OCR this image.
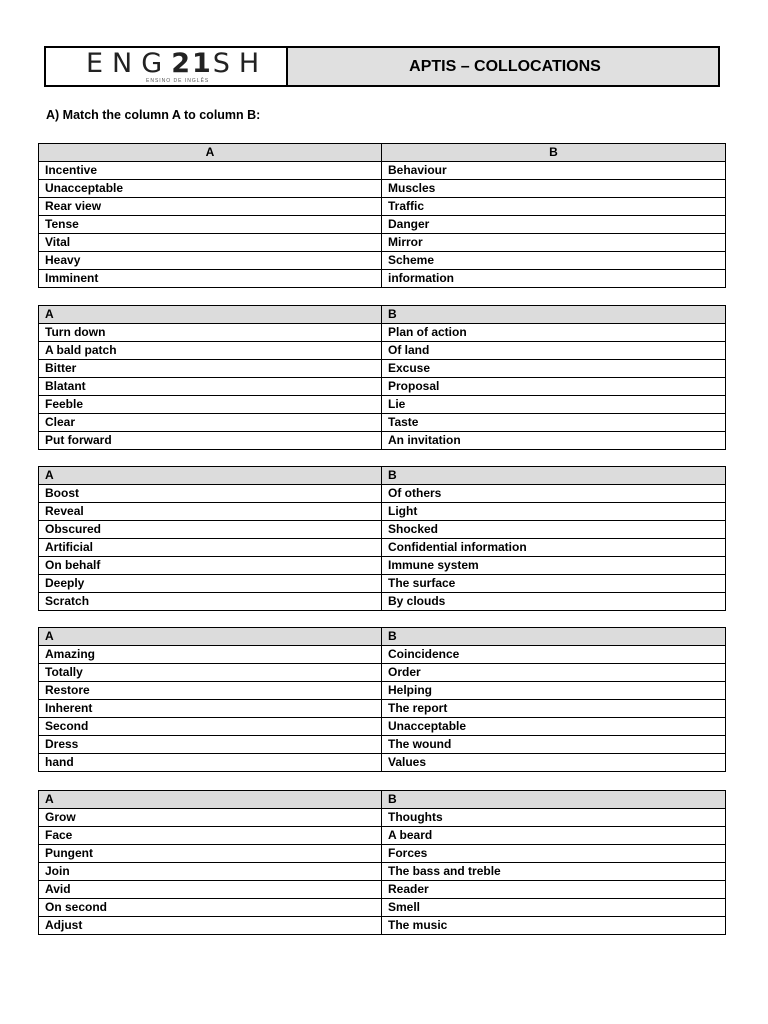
ENG21SH
ENSINO DE INGLÊS
APTIS – COLLOCATIONS
A) Match the column A to column B:
A	B
Incentive	Behaviour
Unacceptable	Muscles
Rear view	Traffic
Tense	Danger
Vital	Mirror
Heavy	Scheme
Imminent	information
A	B
Turn down	Plan of action
A bald patch	Of land
Bitter	Excuse
Blatant	Proposal
Feeble	Lie
Clear	Taste
Put forward	An invitation
A	B
Boost	Of others
Reveal	Light
Obscured	Shocked
Artificial	Confidential information
On behalf	Immune system
Deeply	The surface
Scratch	By clouds
A	B
Amazing	Coincidence
Totally	Order
Restore	Helping
Inherent	The report
Second	Unacceptable
Dress	The wound
hand	Values
A	B
Grow	Thoughts
Face	A beard
Pungent	Forces
Join	The bass and treble
Avid	Reader
On second	Smell
Adjust	The music
